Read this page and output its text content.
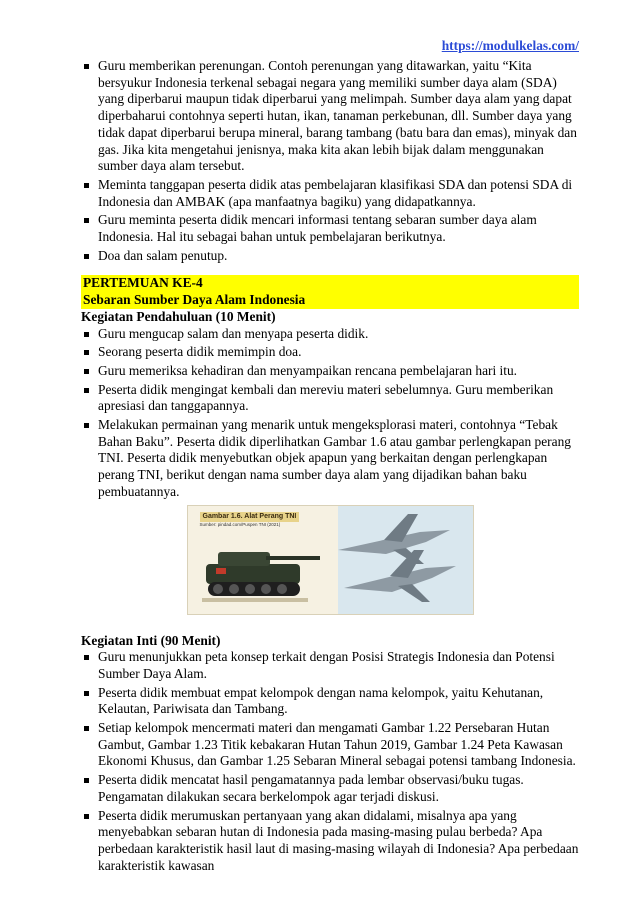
https://modulkelas.com/
Guru memberikan perenungan. Contoh perenungan yang ditawarkan, yaitu “Kita bersyukur Indonesia terkenal sebagai negara yang memiliki sumber daya alam (SDA) yang diperbarui maupun tidak diperbarui yang melimpah. Sumber daya alam yang dapat diperbaharui contohnya seperti hutan, ikan, tanaman perkebunan, dll. Sumber daya yang tidak dapat diperbarui berupa mineral, barang tambang (batu bara dan emas), minyak dan gas. Jika kita mengetahui jenisnya, maka kita akan lebih bijak dalam menggunakan sumber daya alam tersebut.
Meminta tanggapan peserta didik atas pembelajaran klasifikasi SDA dan potensi SDA di Indonesia dan AMBAK (apa manfaatnya bagiku) yang didapatkannya.
Guru meminta peserta didik mencari informasi tentang sebaran sumber daya alam Indonesia. Hal itu sebagai bahan untuk pembelajaran berikutnya.
Doa dan salam penutup.
PERTEMUAN KE-4
Sebaran Sumber Daya Alam Indonesia

Kegiatan Pendahuluan (10 Menit)

Guru mengucap salam dan menyapa peserta didik.
Seorang peserta didik memimpin doa.
Guru memeriksa kehadiran dan menyampaikan rencana pembelajaran hari itu.
Peserta didik mengingat kembali dan mereviu materi sebelumnya. Guru memberikan apresiasi dan tanggapannya.
Melakukan permainan yang menarik untuk mengeksplorasi materi, contohnya “Tebak Bahan Baku”. Peserta didik diperlihatkan Gambar 1.6 atau gambar perlengkapan perang TNI. Peserta didik menyebutkan objek apapun yang berkaitan dengan perlengkapan perang TNI, berikut dengan nama sumber daya alam yang dijadikan bahan baku pembuatannya.
Gambar 1.6. Alat Perang TNI
Sumber: pindad.com/Puspen TNI (2021)

Kegiatan Inti (90 Menit)

Guru menunjukkan peta konsep terkait dengan Posisi Strategis Indonesia dan Potensi Sumber Daya Alam.
Peserta didik membuat empat kelompok dengan nama kelompok, yaitu Kehutanan, Kelautan, Pariwisata dan Tambang.
Setiap kelompok mencermati materi dan mengamati Gambar 1.22 Persebaran Hutan Gambut, Gambar 1.23 Titik kebakaran Hutan Tahun 2019, Gambar 1.24 Peta Kawasan Ekonomi Khusus, dan Gambar 1.25 Sebaran Mineral sebagai potensi tambang Indonesia.
Peserta didik mencatat hasil pengamatannya pada lembar observasi/buku tugas. Pengamatan dilakukan secara berkelompok agar terjadi diskusi.
Peserta didik merumuskan pertanyaan yang akan didalami, misalnya apa yang menyebabkan sebaran hutan di Indonesia pada masing-masing pulau berbeda? Apa perbedaan karakteristik hasil laut di masing-masing wilayah di Indonesia? Apa perbedaan karakteristik kawasan
